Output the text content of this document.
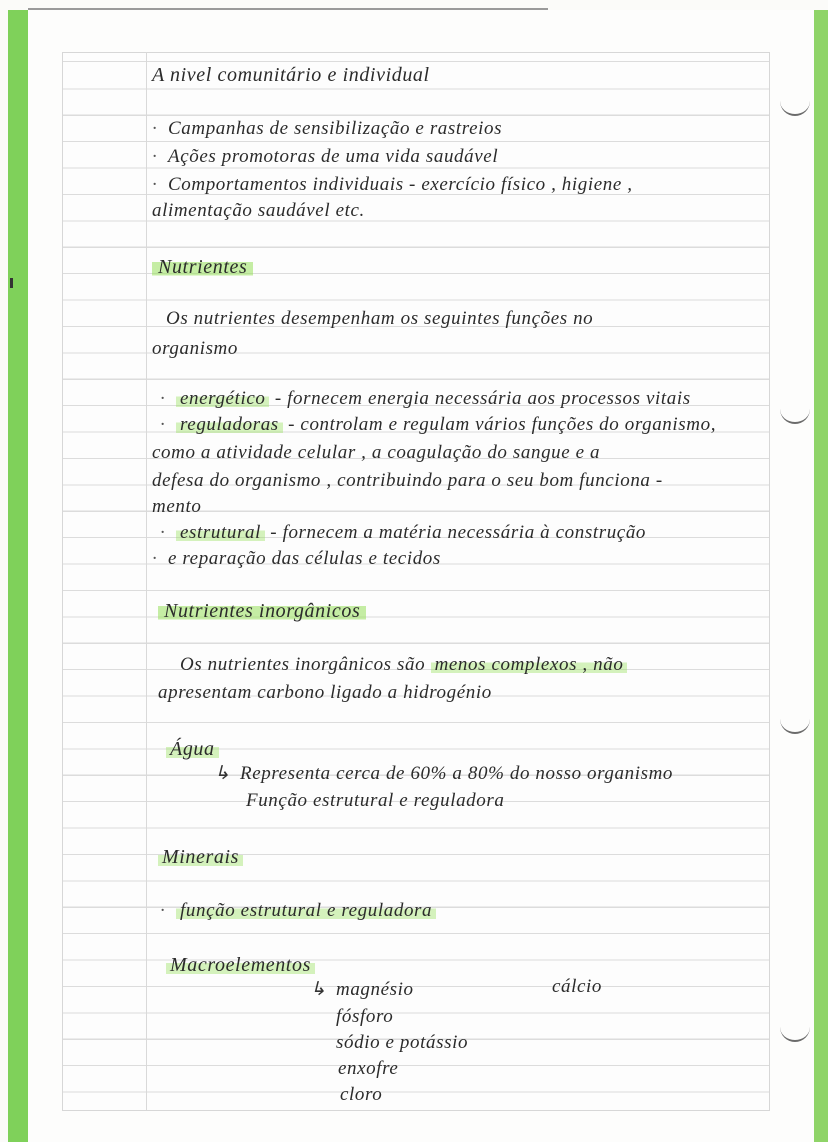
A nivel comunitário e individual
· Campanhas de sensibilização e rastreios
· Ações promotoras de uma vida saudável
· Comportamentos individuais - exercício físico , higiene ,
alimentação saudável etc.
Nutrientes
Os nutrientes desempenham os seguintes funções no
organismo
· energético - fornecem energia necessária aos processos vitais
· reguladoras - controlam e regulam vários funções do organismo,
como a atividade celular , a coagulação do sangue e a
defesa do organismo , contribuindo para o seu bom funciona -
mento
· estrutural - fornecem a matéria necessária à construção
· e reparação das células e tecidos
Nutrientes inorgânicos
Os nutrientes inorgânicos são menos complexos , não
apresentam carbono ligado a hidrogénio
Água
↳ Representa cerca de 60% a 80% do nosso organismo
Função estrutural e reguladora
Minerais
· função estrutural e reguladora
Macroelementos
↳ magnésio	cálcio
fósforo
sódio e potássio
enxofre
cloro
